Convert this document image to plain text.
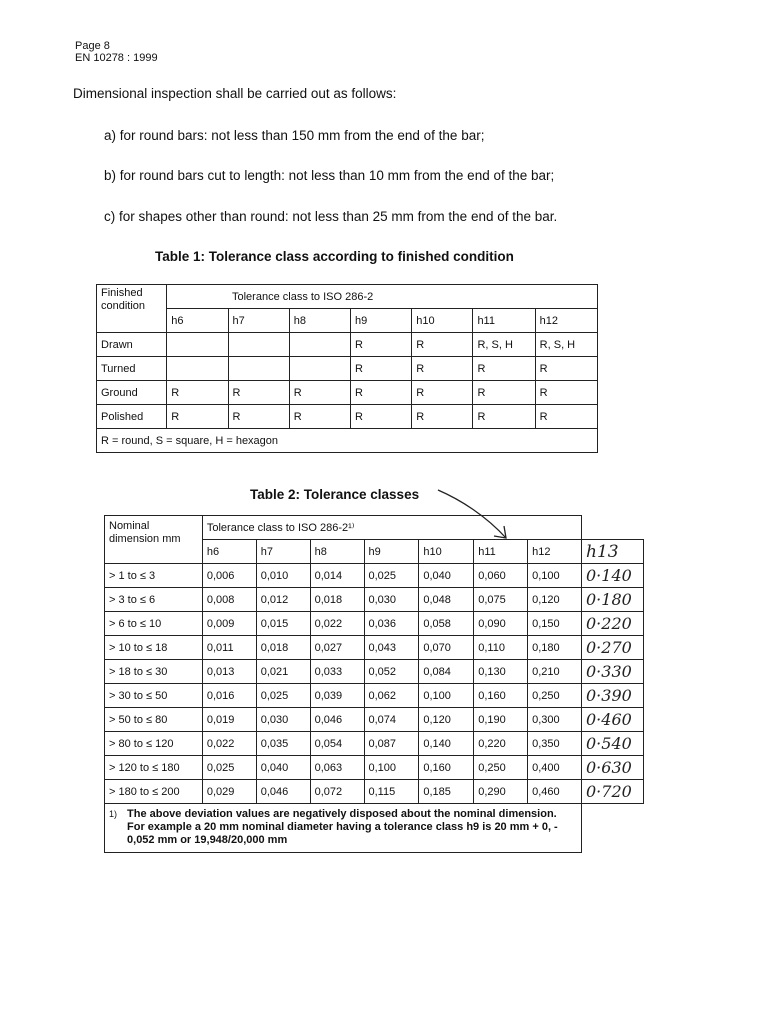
Page 8
EN 10278 : 1999
Dimensional inspection shall be carried out as follows:
a) for round bars: not less than 150 mm from the end of the bar;
b) for round bars cut to length: not less than 10 mm from the end of the bar;
c) for shapes other than round: not less than 25 mm from the end of the bar.
Table 1: Tolerance class according to finished condition
Finished condition		Tolerance class to ISO 286-2					
	h6	h7	h8	h9	h10	h11	h12
Drawn				R	R	R, S, H	R, S, H
Turned				R	R	R	R
Ground	R	R	R	R	R	R	R
Polished	R	R	R	R	R	R	R
R = round, S = square, H = hexagon							
Table 2: Tolerance classes
Nominal dimension mm	Tolerance class to ISO 286-2¹⁾							
	h6	h7	h8	h9	h10	h11	h12	h13
> 1 to ≤ 3	0,006	0,010	0,014	0,025	0,040	0,060	0,100	0·140
> 3 to ≤ 6	0,008	0,012	0,018	0,030	0,048	0,075	0,120	0·180
> 6 to ≤ 10	0,009	0,015	0,022	0,036	0,058	0,090	0,150	0·220
> 10 to ≤ 18	0,011	0,018	0,027	0,043	0,070	0,110	0,180	0·270
> 18 to ≤ 30	0,013	0,021	0,033	0,052	0,084	0,130	0,210	0·330
> 30 to ≤ 50	0,016	0,025	0,039	0,062	0,100	0,160	0,250	0·390
> 50 to ≤ 80	0,019	0,030	0,046	0,074	0,120	0,190	0,300	0·460
> 80 to ≤ 120	0,022	0,035	0,054	0,087	0,140	0,220	0,350	0·540
> 120 to ≤ 180	0,025	0,040	0,063	0,100	0,160	0,250	0,400	0·630
> 180 to ≤ 200	0,029	0,046	0,072	0,115	0,185	0,290	0,460	0·720

1) The above deviation values are negatively disposed about the nominal dimension. For example a 20 mm nominal diameter having a tolerance class h9 is 20 mm + 0, - 0,052 mm or 19,948/20,000 mm								
